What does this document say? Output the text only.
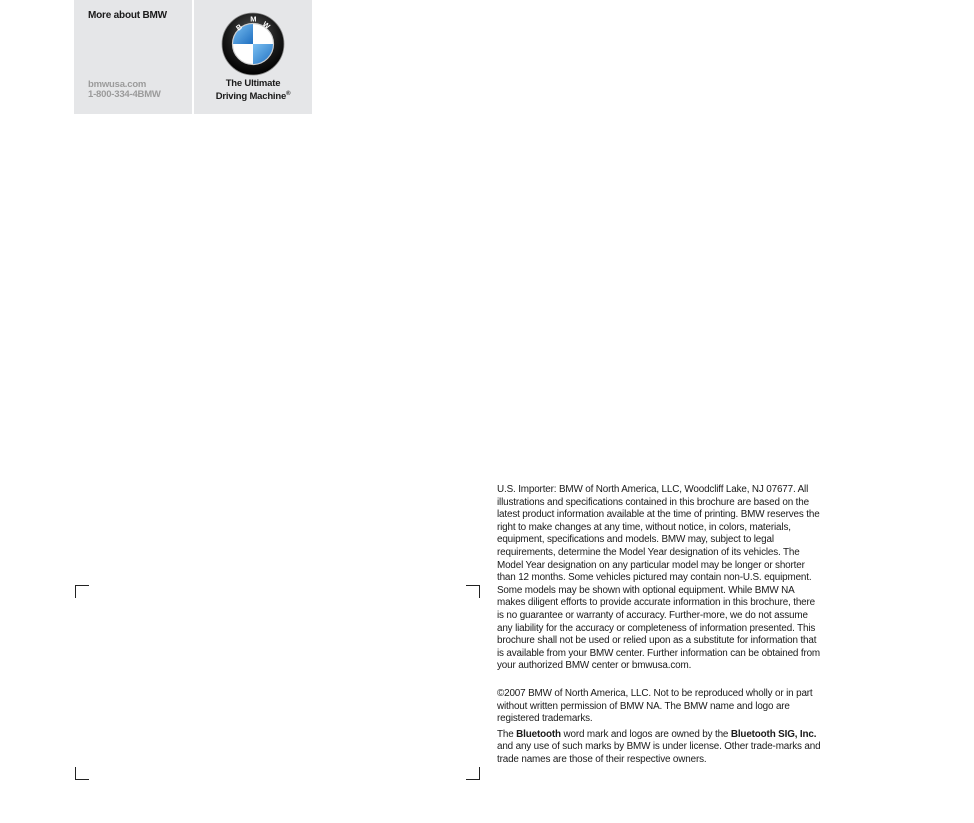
More about BMW
bmwusa.com
1-800-334-4BMW
B
M
W
The Ultimate
Driving Machine®

U.S. Importer: BMW of North America, LLC, Woodcliff Lake, NJ 07677. All illustrations and specifications contained in this brochure are based on the latest product information available at the time of printing. BMW reserves the right to make changes at any time, without notice, in colors, materials, equipment, specifications and models. BMW may, subject to legal requirements, determine the Model Year designation of its vehicles. The Model Year designation on any particular model may be longer or shorter than 12 months. Some vehicles pictured may contain non-U.S. equipment. Some models may be shown with optional equipment. While BMW NA makes diligent efforts to provide accurate information in this brochure, there is no guarantee or warranty of accuracy. Further-more, we do not assume any liability for the accuracy or completeness of information presented. This brochure shall not be used or relied upon as a substitute for information that is available from your BMW center. Further information can be obtained from your authorized BMW center or bmwusa.com.

©2007 BMW of North America, LLC. Not to be reproduced wholly or in part without written permission of BMW NA. The BMW name and logo are registered trademarks.

The Bluetooth word mark and logos are owned by the Bluetooth SIG, Inc. and any use of such marks by BMW is under license. Other trade-marks and trade names are those of their respective owners.
